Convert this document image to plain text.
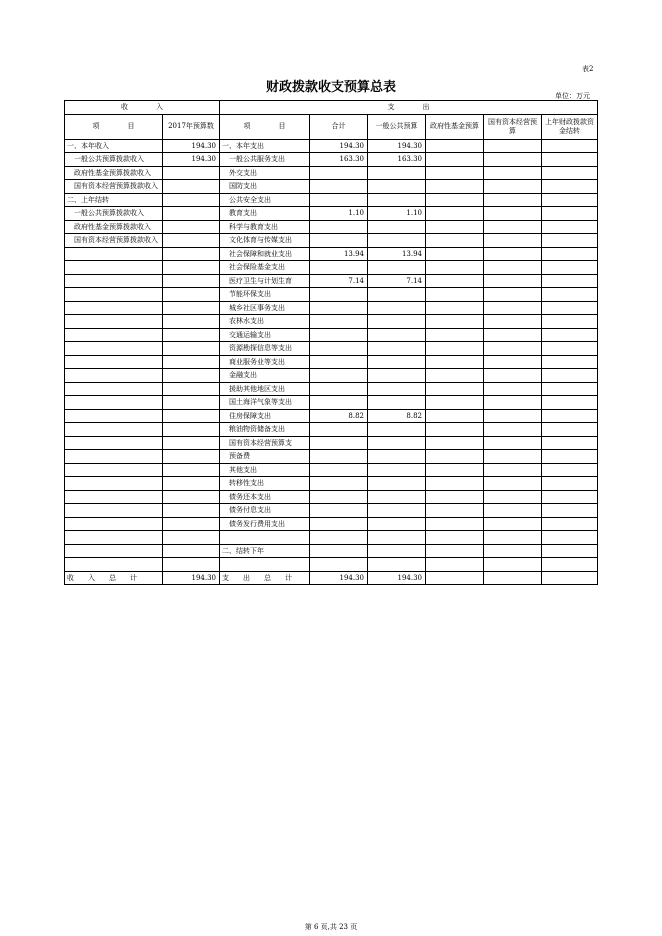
表2
财政拨款收支预算总表
单位：万元
收　　　　入		支　　　　出					
项　　　　目	2017年预算数	项　　　　目	合计	一般公共预算	政府性基金预算	国有资本经营预算	上年财政拨款资金结转
一、本年收入	194.30	一、本年支出	194.30	194.30			
　一般公共预算拨款收入	194.30	　一般公共服务支出	163.30	163.30			
　政府性基金预算拨款收入		　外交支出					
　国有资本经营预算拨款收入		　国防支出					
二、上年结转		　公共安全支出					
　一般公共预算拨款收入		　教育支出	1.10	1.10			
　政府性基金预算拨款收入		　科学与教育支出					
　国有资本经营预算拨款收入		　文化体育与传媒支出					
		　社会保障和就业支出	13.94	13.94			
		　社会保险基金支出					
		　医疗卫生与计划生育	7.14	7.14			
		　节能环保支出					
		　城乡社区事务支出					
		　农林水支出					
		　交通运输支出					
		　资源勘探信息等支出					
		　商业服务业等支出					
		　金融支出					
		　援助其他地区支出					
		　国土海洋气象等支出					
		　住房保障支出	8.82	8.82			
		　粮油物资储备支出					
		　国有资本经营预算支					
		　预备费					
		　其他支出					
		　转移性支出					
		　债务还本支出					
		　债务付息支出					
		　债务发行费用支出					

		二、结转下年					

收　　入　　总　　计	194.30	支　　出　　总　　计	194.30	194.30			
第 6 页,共 23 页
